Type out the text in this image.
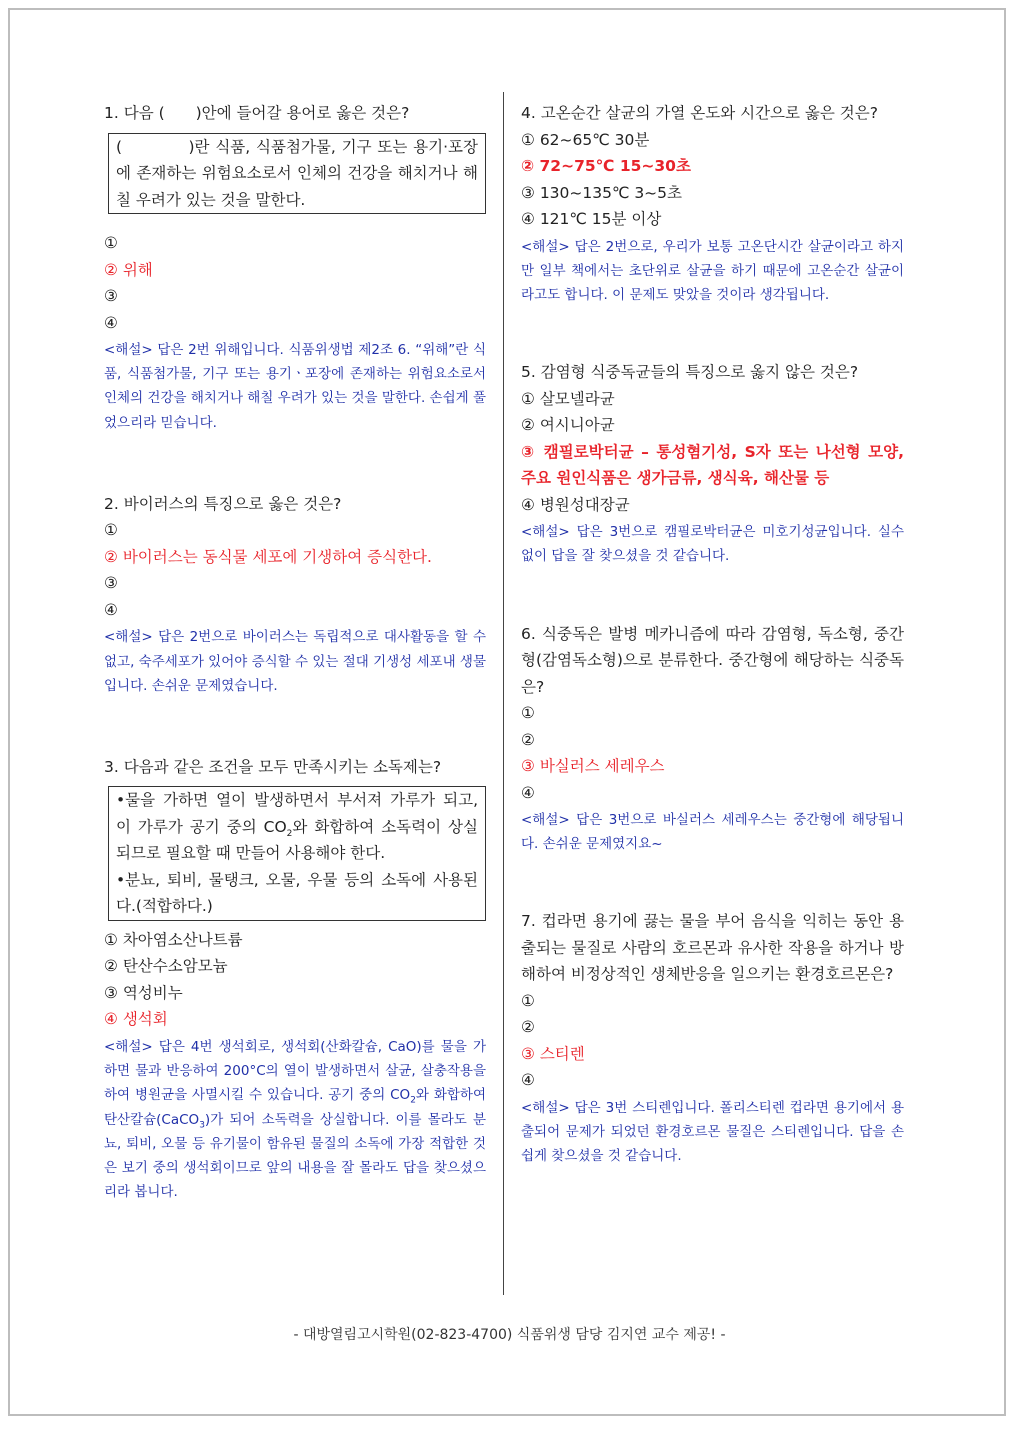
1. 다음 (　　)안에 들어갈 용어로 옳은 것은?

(　　　　)란 식품, 식품첨가물, 기구 또는 용기·포장에 존재하는 위험요소로서 인체의 건강을 해치거나 해칠 우려가 있는 것을 말한다.
①
② 위해
③
④
<해설> 답은 2번 위해입니다. 식품위생법 제2조 6. “위해”란 식품, 식품첨가물, 기구 또는 용기ㆍ포장에 존재하는 위험요소로서 인체의 건강을 해치거나 해칠 우려가 있는 것을 말한다. 손쉽게 풀었으리라 믿습니다.

2. 바이러스의 특징으로 옳은 것은?

①
② 바이러스는 동식물 세포에 기생하여 증식한다.
③
④
<해설> 답은 2번으로 바이러스는 독립적으로 대사활동을 할 수 없고, 숙주세포가 있어야 증식할 수 있는 절대 기생성 세포내 생물입니다. 손쉬운 문제였습니다.

3. 다음과 같은 조건을 모두 만족시키는 소독제는?

•물을 가하면 열이 발생하면서 부서져 가루가 되고, 이 가루가 공기 중의 $CO_2$와 화합하여 소독력이 상실되므로 필요할 때 만들어 사용해야 한다.
•분뇨, 퇴비, 물탱크, 오물, 우물 등의 소독에 사용된다.(적합하다.)
① 차아염소산나트륨
② 탄산수소암모늄
③ 역성비누
④ 생석회
<해설> 답은 4번 생석회로, 생석회(산화칼슘, CaO)를 물을 가하면 물과 반응하여 200°C의 열이 발생하면서 살균, 살충작용을 하여 병원균을 사멸시킬 수 있습니다. 공기 중의 $CO_2$와 화합하여 탄산칼슘(CaCO$_3$)가 되어 소독력을 상실합니다. 이를 몰라도 분뇨, 퇴비, 오물 등 유기물이 함유된 물질의 소독에 가장 적합한 것은 보기 중의 생석회이므로 앞의 내용을 잘 몰라도 답을 찾으셨으리라 봅니다.

4. 고온순간 살균의 가열 온도와 시간으로 옳은 것은?

① 62~65℃ 30분
② 72~75℃ 15~30초
③ 130~135℃ 3~5초
④ 121℃ 15분 이상
<해설> 답은 2번으로, 우리가 보통 고온단시간 살균이라고 하지만 일부 책에서는 초단위로 살균을 하기 때문에 고온순간 살균이라고도 합니다. 이 문제도 맞았을 것이라 생각됩니다.

5. 감염형 식중독균들의 특징으로 옳지 않은 것은?

① 살모넬라균
② 여시니아균
③ 캠필로박터균 – 통성혐기성, S자 또는 나선형 모양, 주요 원인식품은 생가금류, 생식육, 해산물 등
④ 병원성대장균
<해설> 답은 3번으로 캠필로박터균은 미호기성균입니다. 실수 없이 답을 잘 찾으셨을 것 같습니다.

6. 식중독은 발병 메카니즘에 따라 감염형, 독소형, 중간형(감염독소형)으로 분류한다. 중간형에 해당하는 식중독은?

①
②
③ 바실러스 세레우스
④
<해설> 답은 3번으로 바실러스 세레우스는 중간형에 해당됩니다. 손쉬운 문제였지요~

7. 컵라면 용기에 끓는 물을 부어 음식을 익히는 동안 용출되는 물질로 사람의 호르몬과 유사한 작용을 하거나 방해하여 비정상적인 생체반응을 일으키는 환경호르몬은?

①
②
③ 스티렌
④
<해설> 답은 3번 스티렌입니다. 폴리스티렌 컵라면 용기에서 용출되어 문제가 되었던 환경호르몬 물질은 스티렌입니다. 답을 손쉽게 찾으셨을 것 같습니다.
- 대방열림고시학원(02-823-4700) 식품위생 담당 김지연 교수 제공! -
